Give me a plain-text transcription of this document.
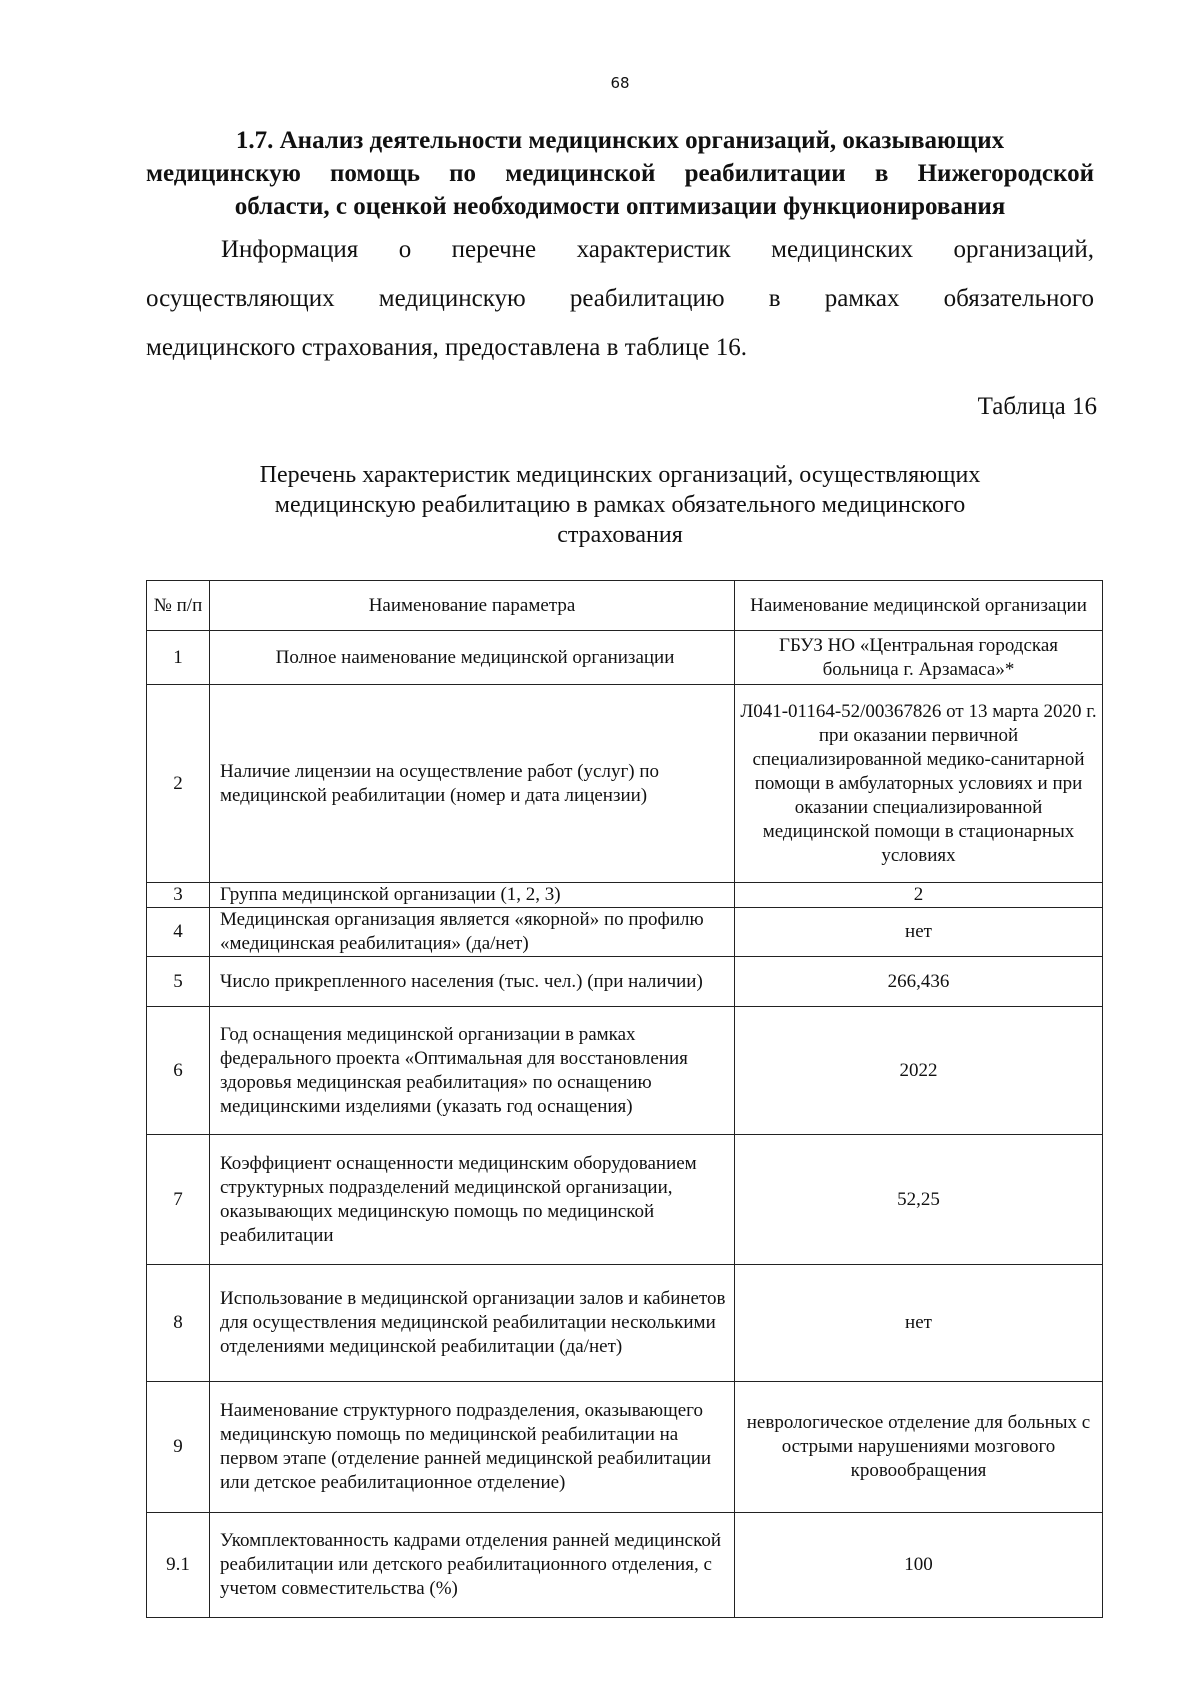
68
1.7. Анализ деятельности медицинских организаций, оказывающих
медицинскую помощь по медицинской реабилитации в Нижегородской
области, с оценкой необходимости оптимизации функционирования
Информация о перечне характеристик медицинских организаций,
осуществляющих медицинскую реабилитацию в рамках обязательного
медицинского страхования, предоставлена в таблице 16.
Таблица 16
Перечень характеристик медицинских организаций, осуществляющих
медицинскую реабилитацию в рамках обязательного медицинского
страхования
№ п/п	Наименование параметра	Наименование медицинской организации
1	Полное наименование медицинской организации	ГБУЗ НО «Центральная городская больница г. Арзамаса»*
2	Наличие лицензии на осуществление работ (услуг) по медицинской реабилитации (номер и дата лицензии)	Л041-01164-52/00367826 от 13 марта 2020 г. при оказании первичной специализированной медико-санитарной помощи в амбулаторных условиях и при оказании специализированной медицинской помощи в стационарных условиях
3	Группа медицинской организации (1, 2, 3)	2
4	Медицинская организация является «якорной» по профилю «медицинская реабилитация» (да/нет)	нет
5	Число прикрепленного населения (тыс. чел.) (при наличии)	266,436
6	Год оснащения медицинской организации в рамках федерального проекта «Оптимальная для восстановления здоровья медицинская реабилитация» по оснащению медицинскими изделиями (указать год оснащения)	2022
7	Коэффициент оснащенности медицинским оборудованием структурных подразделений медицинской организации, оказывающих медицинскую помощь по медицинской реабилитации	52,25
8	Использование в медицинской организации залов и кабинетов для осуществления медицинской реабилитации несколькими отделениями медицинской реабилитации (да/нет)	нет
9	Наименование структурного подразделения, оказывающего медицинскую помощь по медицинской реабилитации на первом этапе (отделение ранней медицинской реабилитации или детское реабилитационное отделение)	неврологическое отделение для больных с острыми нарушениями мозгового кровообращения
9.1	Укомплектованность кадрами отделения ранней медицинской реабилитации или детского реабилитационного отделения, с учетом совместительства (%)	100
